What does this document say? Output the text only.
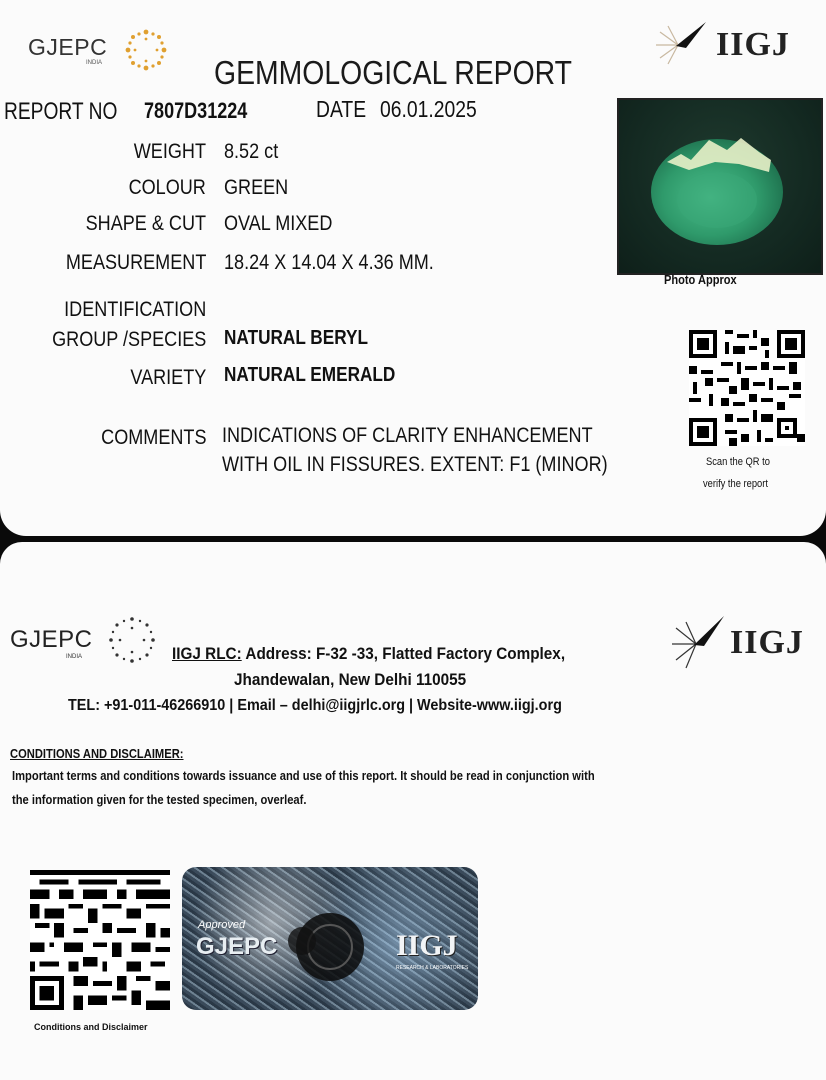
GJEPC
INDIA	IIGJ
GEMMOLOGICAL REPORT
REPORT NO 7807D31224	DATE 06.01.2025
WEIGHT 8.52 ct
COLOUR GREEN
SHAPE & CUT OVAL MIXED
MEASUREMENT 18.24 X 14.04 X 4.36 MM.
IDENTIFICATION
GROUP /SPECIES NATURAL BERYL
VARIETY NATURAL EMERALD
COMMENTS INDICATIONS OF CLARITY ENHANCEMENT
WITH OIL IN FISSURES. EXTENT: F1 (MINOR)
Photo Approx
Scan the QR to
verify the report
GJEPC
INDIA	IIGJ
IIGJ RLC: Address: F-32 -33, Flatted Factory Complex,
Jhandewalan, New Delhi 110055
TEL: +91-011-46266910 | Email – delhi@iigjrlc.org | Website-www.iigj.org
CONDITIONS AND DISCLAIMER:
Important terms and conditions towards issuance and use of this report. It should be read in conjunction with
the information given for the tested specimen, overleaf.
Conditions and Disclaimer
Approved
GJEPC	IIGJ
RESEARCH & LABORATORIES
